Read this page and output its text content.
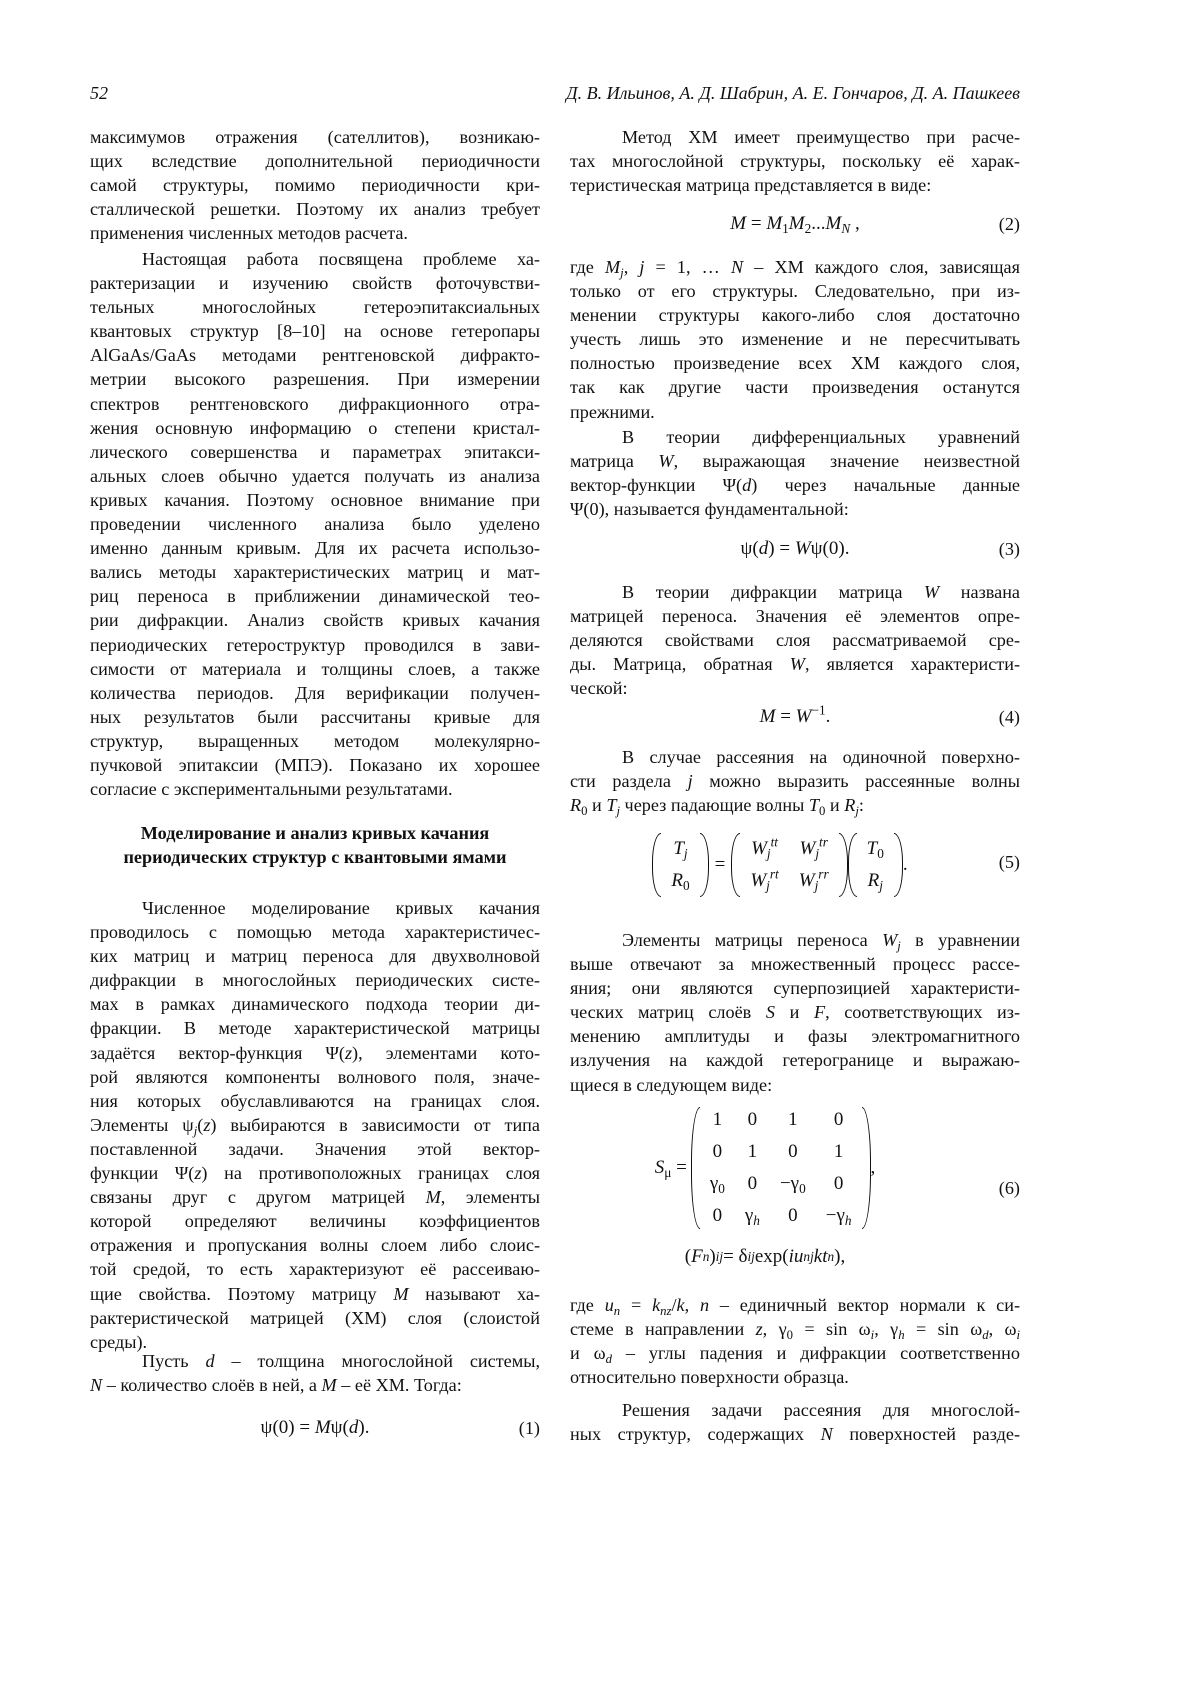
52	Д. В. Ильинов, А. Д. Шабрин, А. Е. Гончаров, Д. А. Пашкеев
максимумов отражения (сателлитов), возникаю-
щих вследствие дополнительной периодичности
самой структуры, помимо периодичности кри-
сталлической решетки. Поэтому их анализ требует
применения численных методов расчета.
Настоящая работа посвящена проблеме ха-
рактеризации и изучению свойств фоточувстви-
тельных многослойных гетероэпитаксиальных
квантовых структур [8–10] на основе гетеропары
AlGaAs/GaAs методами рентгеновской дифракто-
метрии высокого разрешения. При измерении
спектров рентгеновского дифракционного отра-
жения основную информацию о степени кристал-
лического совершенства и параметрах эпитакси-
альных слоев обычно удается получать из анализа
кривых качания. Поэтому основное внимание при
проведении численного анализа было уделено
именно данным кривым. Для их расчета использо-
вались методы характеристических матриц и мат-
риц переноса в приближении динамической тео-
рии дифракции. Анализ свойств кривых качания
периодических гетероструктур проводился в зави-
симости от материала и толщины слоев, а также
количества периодов. Для верификации получен-
ных результатов были рассчитаны кривые для
структур, выращенных методом молекулярно-
пучковой эпитаксии (МПЭ). Показано их хорошее
согласие с экспериментальными результатами.
Моделирование и анализ кривых качания
периодических структур с квантовыми ямами
Численное моделирование кривых качания
проводилось с помощью метода характеристичес-
ких матриц и матриц переноса для двухволновой
дифракции в многослойных периодических систе-
мах в рамках динамического подхода теории ди-
фракции. В методе характеристической матрицы
задаётся вектор-функция Ψ(z), элементами кото-
рой являются компоненты волнового поля, значе-
ния которых обуславливаются на границах слоя.
Элементы ψj(z) выбираются в зависимости от типа
поставленной задачи. Значения этой вектор-
функции Ψ(z) на противоположных границах слоя
связаны друг с другом матрицей M, элементы
которой определяют величины коэффициентов
отражения и пропускания волны слоем либо слоис-
той средой, то есть характеризуют её рассеиваю-
щие свойства. Поэтому матрицу M называют ха-
рактеристической матрицей (ХМ) слоя (слоистой
среды).
Пусть d – толщина многослойной системы,
N – количество слоёв в ней, а M – её ХМ. Тогда:
ψ(0) = Mψ(d).	(1)
Метод ХМ имеет преимущество при расче-
тах многослойной структуры, поскольку её харак-
теристическая матрица представляется в виде:
M = M1M2...MN ,	(2)
где Mj, j = 1, … N – ХМ каждого слоя, зависящая
только от его структуры. Следовательно, при из-
менении структуры какого-либо слоя достаточно
учесть лишь это изменение и не пересчитывать
полностью произведение всех ХМ каждого слоя,
так как другие части произведения останутся
прежними.
В теории дифференциальных уравнений
матрица W, выражающая значение неизвестной
вектор-функции Ψ(d) через начальные данные
Ψ(0), называется фундаментальной:
ψ(d) = Wψ(0).	(3)
В теории дифракции матрица W названа
матрицей переноса. Значения её элементов опре-
деляются свойствами слоя рассматриваемой сре-
ды. Матрица, обратная W, является характеристи-
ческой:
M = W−1.	(4)
В случае рассеяния на одиночной поверхно-
сти раздела j можно выразить рассеянные волны
R0 и Tj через падающие волны T0 и Rj:
Tj
R0
=
Wjtt	Wjtr
Wjrt	Wjrr
T0
Rj
.	(5)
Элементы матрицы переноса Wj в уравнении
выше отвечают за множественный процесс рассе-
яния; они являются суперпозицией характеристи-
ческих матриц слоёв S и F, соответствующих из-
менению амплитуды и фазы электромагнитного
излучения на каждой гетерогранице и выражаю-
щиеся в следующем виде:
Sμ =
1	0	1	0
0	1	0	1
γ0	0	−γ0	0
0	γh	0	−γh
,
(6)
( F n ) ij = δ ij exp( iu n j kt n ),
где un = knz/k, n – единичный вектор нормали к си-
стеме в направлении z, γ0 = sin ωi, γh = sin ωd, ωi
и ωd – углы падения и дифракции соответственно
относительно поверхности образца.
Решения задачи рассеяния для многослой-
ных структур, содержащих N поверхностей разде-
